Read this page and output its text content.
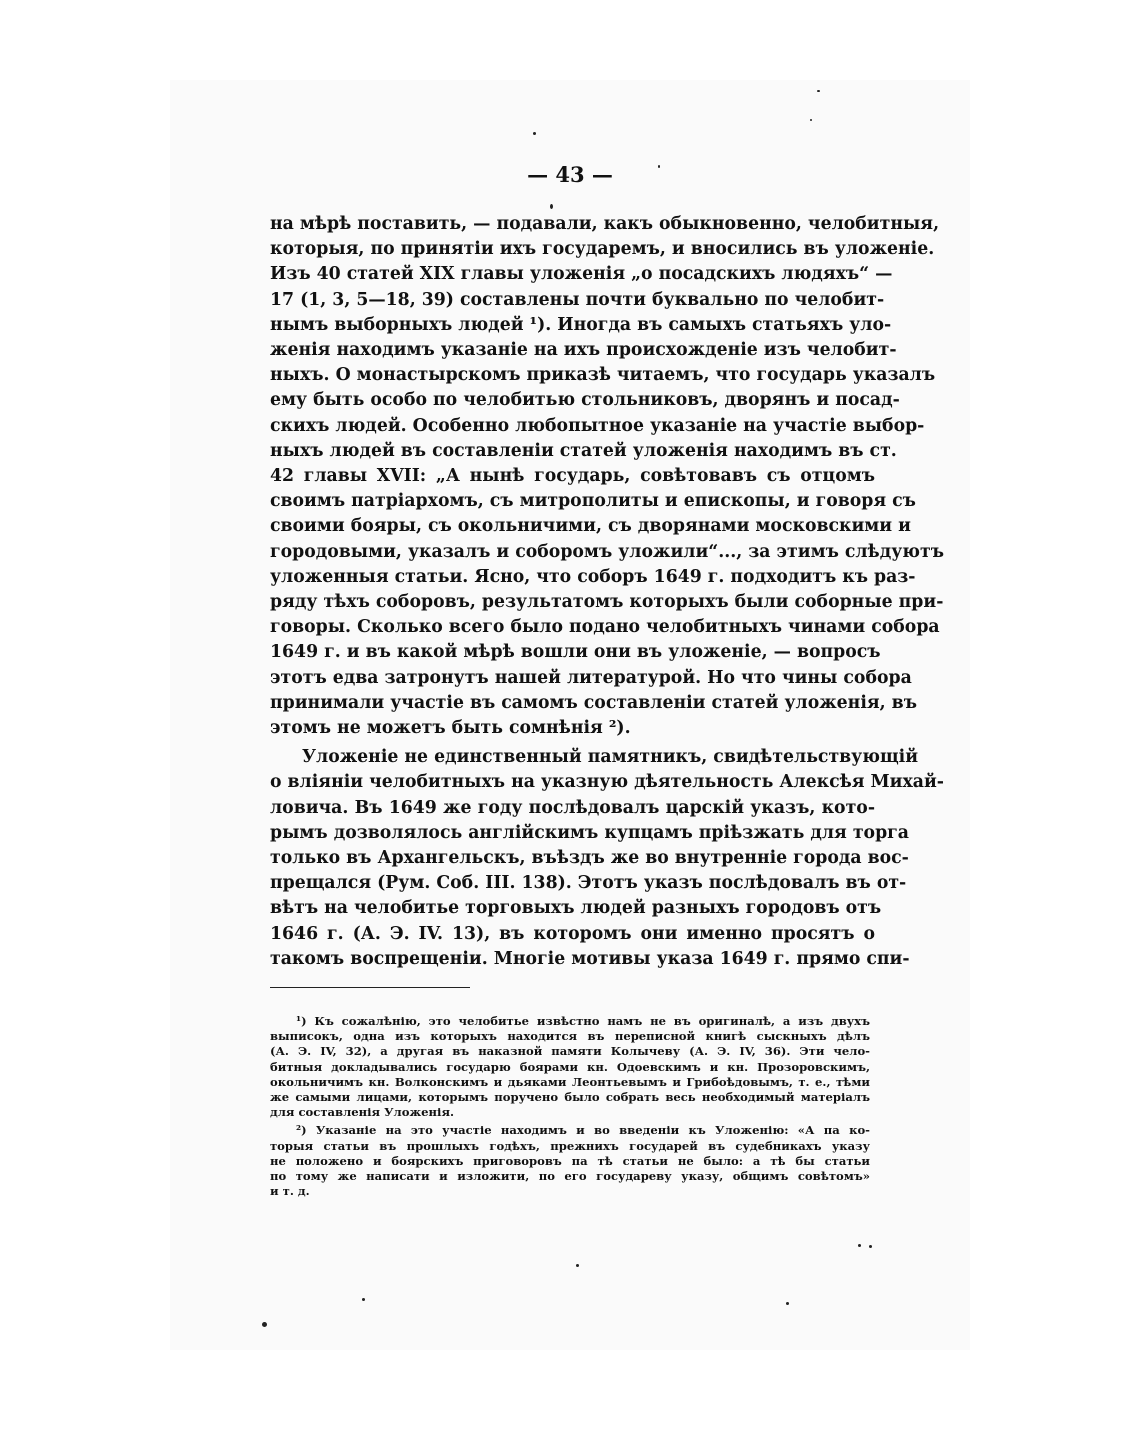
— 43 —
на мѣрѣ поставить, — подавали, какъ обыкновенно, челобитныя,
которыя, по принятіи ихъ государемъ, и вносились въ уложеніе.
Изъ 40 статей XIX главы уложенія „о посадскихъ людяхъ“ —
17 (1, 3, 5—18, 39) составлены почти буквально по челобит-
нымъ выборныхъ людей ¹). Иногда въ самыхъ статьяхъ уло-
женія находимъ указаніе на ихъ происхожденіе изъ челобит-
ныхъ. О монастырскомъ приказѣ читаемъ, что государь указалъ
ему быть особо по челобитью стольниковъ, дворянъ и посад-
скихъ людей. Особенно любопытное указаніе на участіе выбор-
ныхъ людей въ составленіи статей уложенія находимъ въ ст.
42 главы XVII: „А нынѣ государь, совѣтовавъ съ отцомъ
своимъ патріархомъ, съ митрополиты и епископы, и говоря съ
своими бояры, съ окольничими, съ дворянами московскими и
городовыми, указалъ и соборомъ уложили“..., за этимъ слѣдуютъ
уложенныя статьи. Ясно, что соборъ 1649 г. подходитъ къ раз-
ряду тѣхъ соборовъ, результатомъ которыхъ были соборные при-
говоры. Сколько всего было подано челобитныхъ чинами собора
1649 г. и въ какой мѣрѣ вошли они въ уложеніе, — вопросъ
этотъ едва затронутъ нашей литературой. Но что чины собора
принимали участіе въ самомъ составленіи статей уложенія, въ
этомъ не можетъ быть сомнѣнія ²).
Уложеніе не единственный памятникъ, свидѣтельствующій
о вліяніи челобитныхъ на указную дѣятельность Алексѣя Михай-
ловича. Въ 1649 же году послѣдовалъ царскій указъ, кото-
рымъ дозволялось англійскимъ купцамъ пріѣзжать для торга
только въ Архангельскъ, въѣздъ же во внутренніе города вос-
прещался (Рум. Соб. III. 138). Этотъ указъ послѣдовалъ въ от-
вѣтъ на челобитье торговыхъ людей разныхъ городовъ отъ
1646 г. (А. Э. IV. 13), въ которомъ они именно просятъ о
такомъ воспрещеніи. Многіе мотивы указа 1649 г. прямо спи-
¹) Къ сожалѣнію, это челобитье извѣстно намъ не въ оригиналѣ, а изъ двухъ
выписокъ, одна изъ которыхъ находится въ переписной книгѣ сыскныхъ дѣлъ
(А. Э. IV, 32), а другая въ наказной памяти Колычеву (А. Э. IV, 36). Эти чело-
битныя докладывались государю боярами кн. Одоевскимъ и кн. Прозоровскимъ,
окольничимъ кн. Волконскимъ и дьяками Леонтьевымъ и Грибоѣдовымъ, т. е., тѣми
же самыми лицами, которымъ поручено было собрать весь необходимый матеріалъ
для составленія Уложенія.
²) Указаніе на это участіе находимъ и во введеніи къ Уложенію: «А па ко-
торыя статьи въ прошлыхъ годѣхъ, прежнихъ государей въ судебникахъ указу
не положено и боярскихъ приговоровъ па тѣ статьи не было: а тѣ бы статьи
по тому же написати и изложити, по его государеву указу, общимъ совѣтомъ»
и т. д.
